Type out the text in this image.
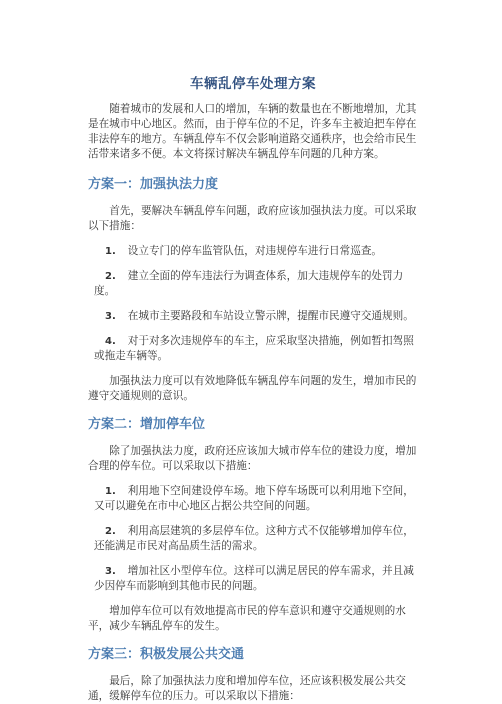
车辆乱停车处理方案

随着城市的发展和人口的增加，车辆的数量也在不断地增加，尤其是在城市中心地区。然而，由于停车位的不足，许多车主被迫把车停在非法停车的地方。车辆乱停车不仅会影响道路交通秩序，也会给市民生活带来诸多不便。本文将探讨解决车辆乱停车问题的几种方案。

方案一：加强执法力度

首先，要解决车辆乱停车问题，政府应该加强执法力度。可以采取以下措施：

1. 设立专门的停车监管队伍，对违规停车进行日常巡查。
2. 建立全面的停车违法行为调查体系，加大违规停车的处罚力度。
3. 在城市主要路段和车站设立警示牌，提醒市民遵守交通规则。
4. 对于对多次违规停车的车主，应采取坚决措施，例如暂扣驾照或拖走车辆等。

加强执法力度可以有效地降低车辆乱停车问题的发生，增加市民的遵守交通规则的意识。

方案二：增加停车位

除了加强执法力度，政府还应该加大城市停车位的建设力度，增加合理的停车位。可以采取以下措施：

1. 利用地下空间建设停车场。地下停车场既可以利用地下空间，又可以避免在市中心地区占据公共空间的问题。
2. 利用高层建筑的多层停车位。这种方式不仅能够增加停车位，还能满足市民对高品质生活的需求。
3. 增加社区小型停车位。这样可以满足居民的停车需求，并且减少因停车而影响到其他市民的问题。

增加停车位可以有效地提高市民的停车意识和遵守交通规则的水平，减少车辆乱停车的发生。

方案三：积极发展公共交通

最后，除了加强执法力度和增加停车位，还应该积极发展公共交通，缓解停车位的压力。可以采取以下措施：
